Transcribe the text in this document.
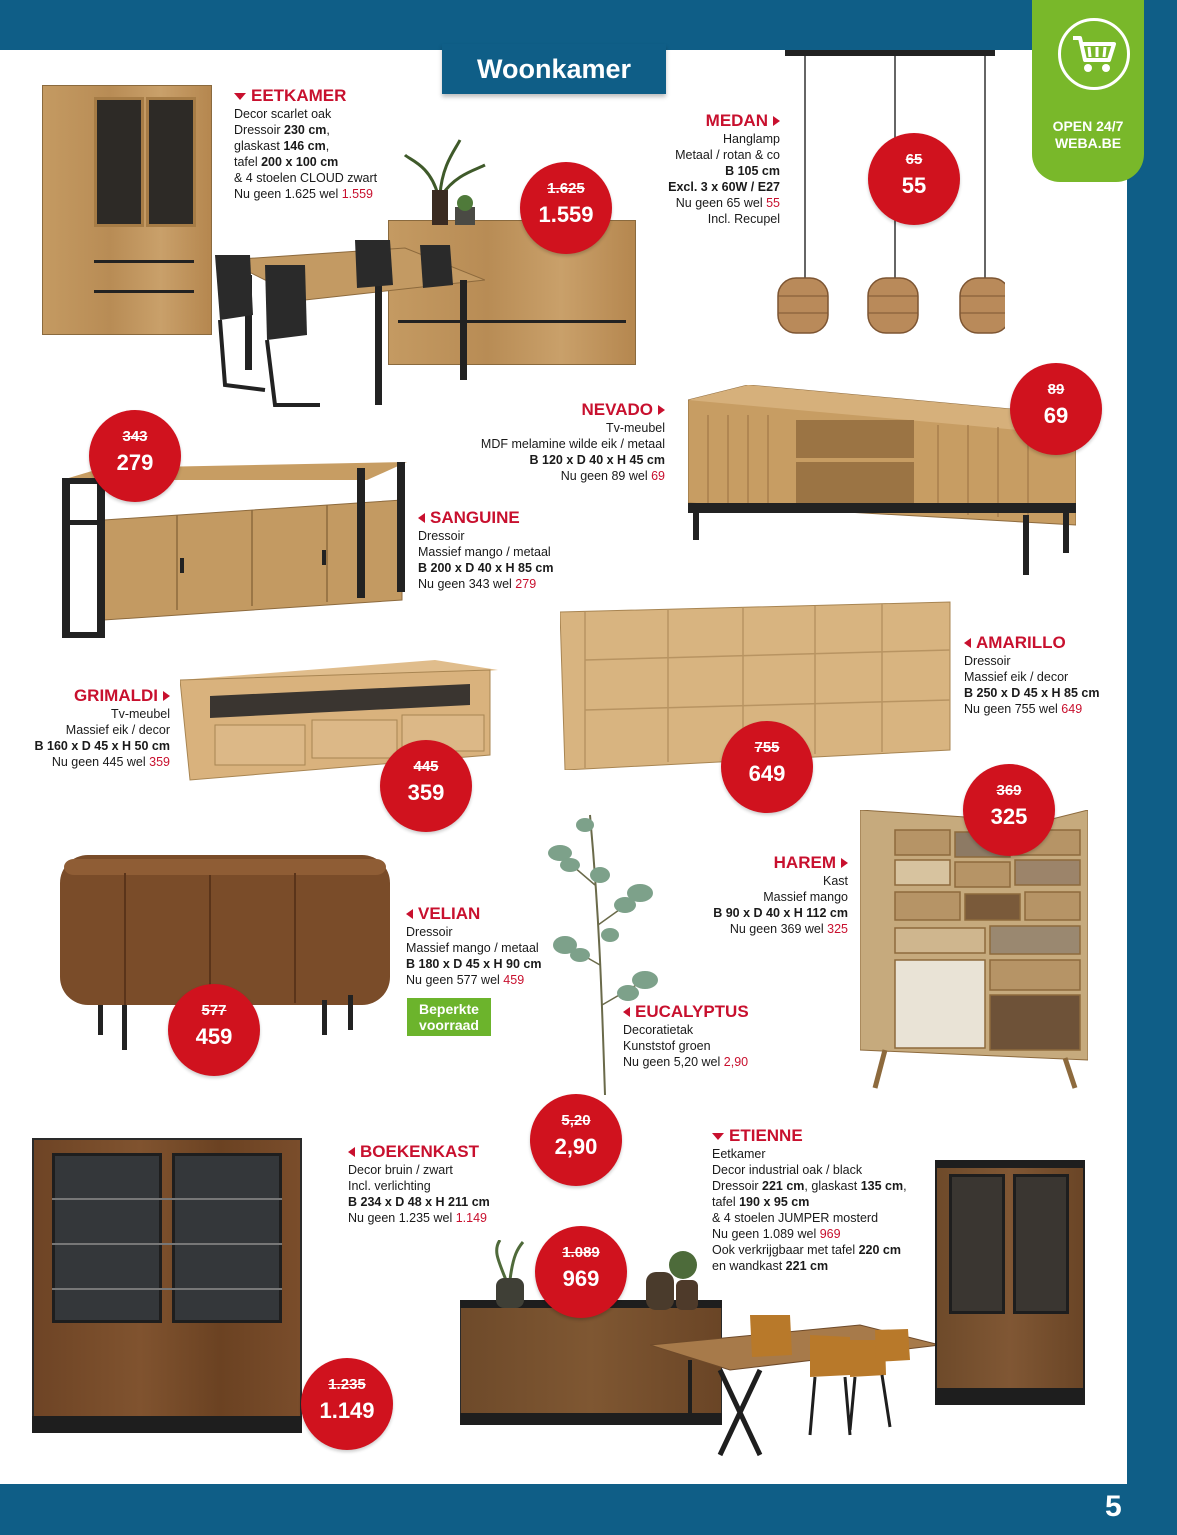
5
Woonkamer
OPEN 24/7
WEBA.BE
EETKAMER
Decor scarlet oak
Dressoir 230 cm,
glaskast 146 cm,
tafel 200 x 100 cm
& 4 stoelen CLOUD zwart
Nu geen 1.625 wel 1.559
MEDAN
Hanglamp
Metaal / rotan & co
B 105 cm
Excl. 3 x 60W / E27
Nu geen 65 wel 55
Incl. Recupel
NEVADO
Tv-meubel
MDF melamine wilde eik / metaal
B 120 x D 40 x H 45 cm
Nu geen 89 wel 69
SANGUINE
Dressoir
Massief mango / metaal
B 200 x D 40 x H 85 cm
Nu geen 343 wel 279
AMARILLO
Dressoir
Massief eik / decor
B 250 x D 45 x H 85 cm
Nu geen 755 wel 649
GRIMALDI
Tv-meubel
Massief eik / decor
B 160 x D 45 x H 50 cm
Nu geen 445 wel 359
HAREM
Kast
Massief mango
B 90 x D 40 x H 112 cm
Nu geen 369 wel 325
VELIAN
Dressoir
Massief mango / metaal
B 180 x D 45 x H 90 cm
Nu geen 577 wel 459
Beperkte
voorraad
EUCALYPTUS
Decoratietak
Kunststof groen
Nu geen 5,20 wel 2,90
BOEKENKAST
Decor bruin / zwart
Incl. verlichting
B 234 x D 48 x H 211 cm
Nu geen 1.235 wel 1.149
ETIENNE
Eetkamer
Decor industrial oak / black
Dressoir 221 cm, glaskast 135 cm,
tafel 190 x 95 cm
& 4 stoelen JUMPER mosterd
Nu geen 1.089 wel 969
Ook verkrijgbaar met tafel 220 cm
en wandkast 221 cm
1.625
1.559
65
55
89
69
343
279
755
649
445
359	369
325
577
459
5,20
2,90
1.089
969
1.235
1.149
